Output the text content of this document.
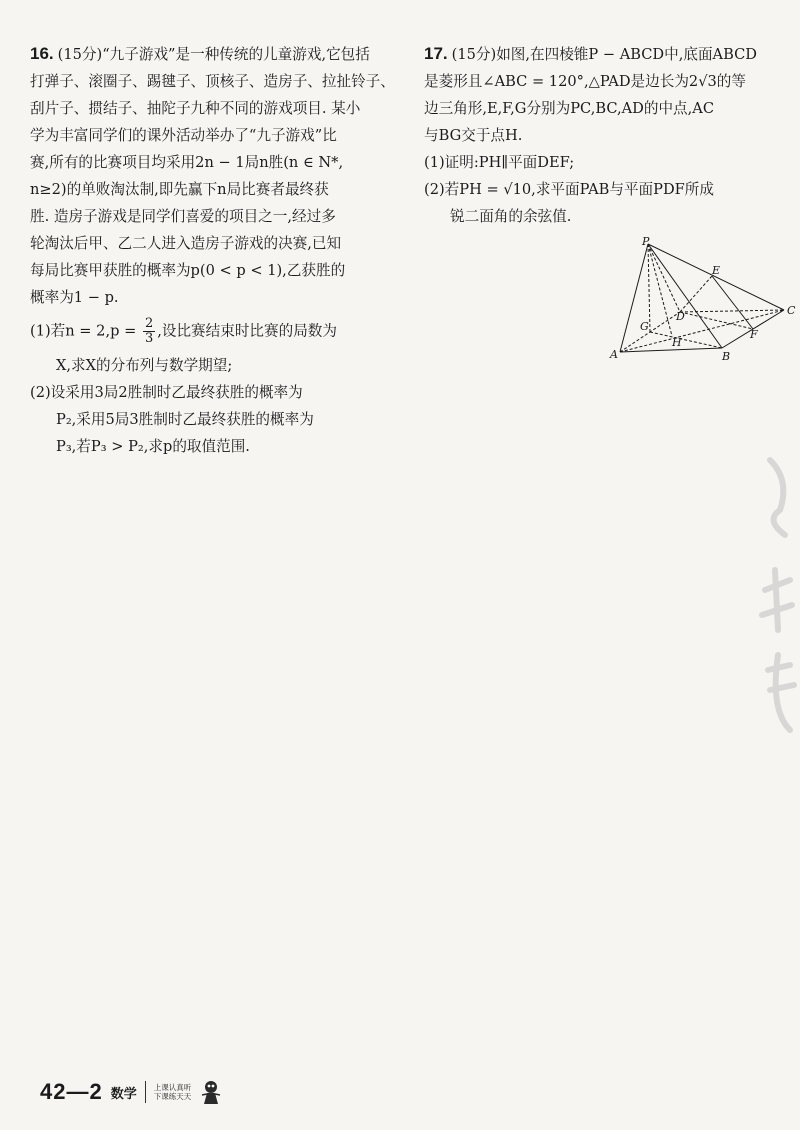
16. (15分)“九子游戏”是一种传统的儿童游戏,它包括

打弹子、滚圈子、踢毽子、顶核子、造房子、拉扯铃子、

刮片子、掼结子、抽陀子九种不同的游戏项目. 某小

学为丰富同学们的课外活动举办了“九子游戏”比

赛,所有的比赛项目均采用2n − 1局n胜(n ∈ N*,

n≥2)的单败淘汰制,即先赢下n局比赛者最终获

胜. 造房子游戏是同学们喜爱的项目之一,经过多

轮淘汰后甲、乙二人进入造房子游戏的决赛,已知

每局比赛甲获胜的概率为p(0 < p < 1),乙获胜的

概率为1 − p.

(1)若$n = 2,p = \frac{2}{3}$ ,设比赛结束时比赛的局数为
X,求X的分布列与数学期望;
(2)设采用3局2胜制时乙最终获胜的概率为
P₂,采用5局3胜制时乙最终获胜的概率为
P₃,若P₃ > P₂,求p的取值范围.
17. (15分)如图,在四棱锥P − ABCD中,底面ABCD

是菱形且∠ABC = 120°,△PAD是边长为2√3的等

边三角形,E,F,G分别为PC,BC,AD的中点,AC

与BG交于点H.

(1)证明:PH∥平面DEF;
(2)若PH = √10,求平面PAB与平面PDF所成
锐二面角的余弦值.
P
A	B
C
D
E
F
G
H
42—2 数学 上课认真听
下课练天天
